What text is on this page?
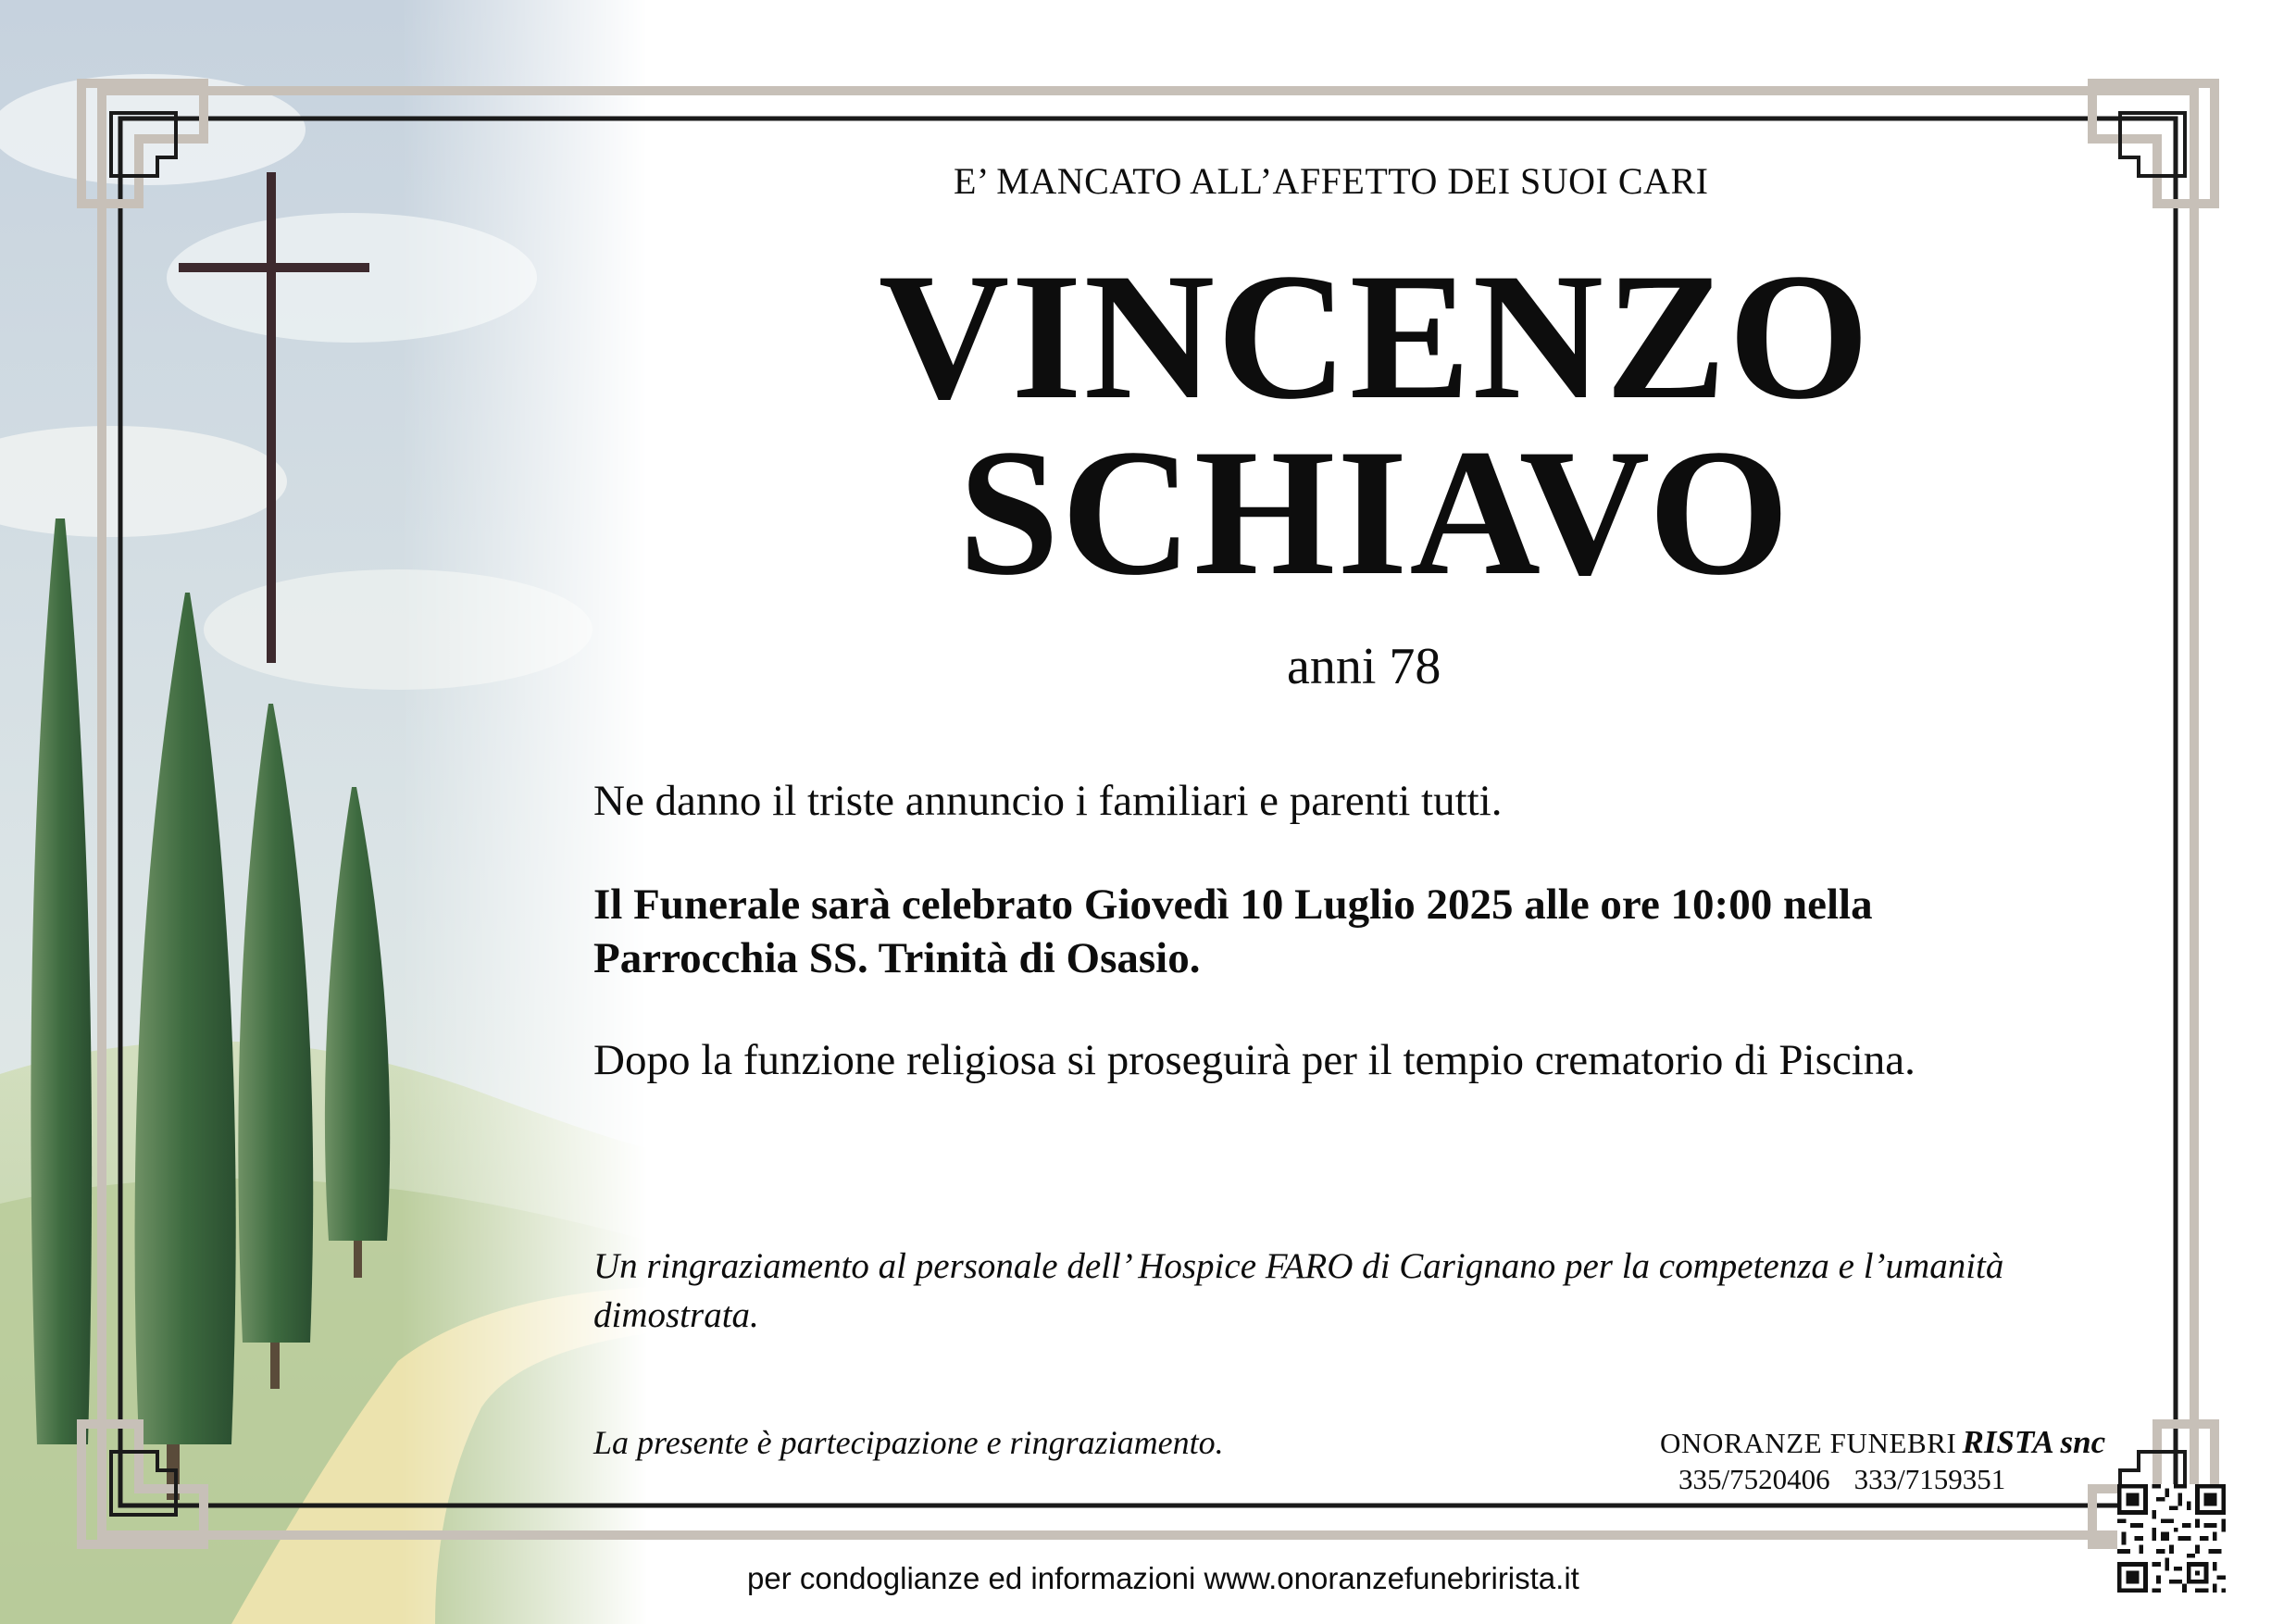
E’ MANCATO ALL’AFFETTO DEI SUOI CARI

VINCENZO

SCHIAVO

anni 78

Ne danno il triste annuncio i familiari e parenti tutti.

Il Funerale sarà celebrato Giovedì 10 Luglio 2025 alle ore 10:00 nella

Parrocchia SS. Trinità di Osasio.

Dopo la funzione religiosa si proseguirà per il tempio crematorio di Piscina.

Un ringraziamento al personale dell’ Hospice FARO di Carignano per la competenza e l’umanità

dimostrata.

La presente è partecipazione e ringraziamento.	ONORANZE FUNEBRI RISTA snc

335/7520406 333/7159351

per condoglianze ed informazioni www.onoranzefunebrirista.it
